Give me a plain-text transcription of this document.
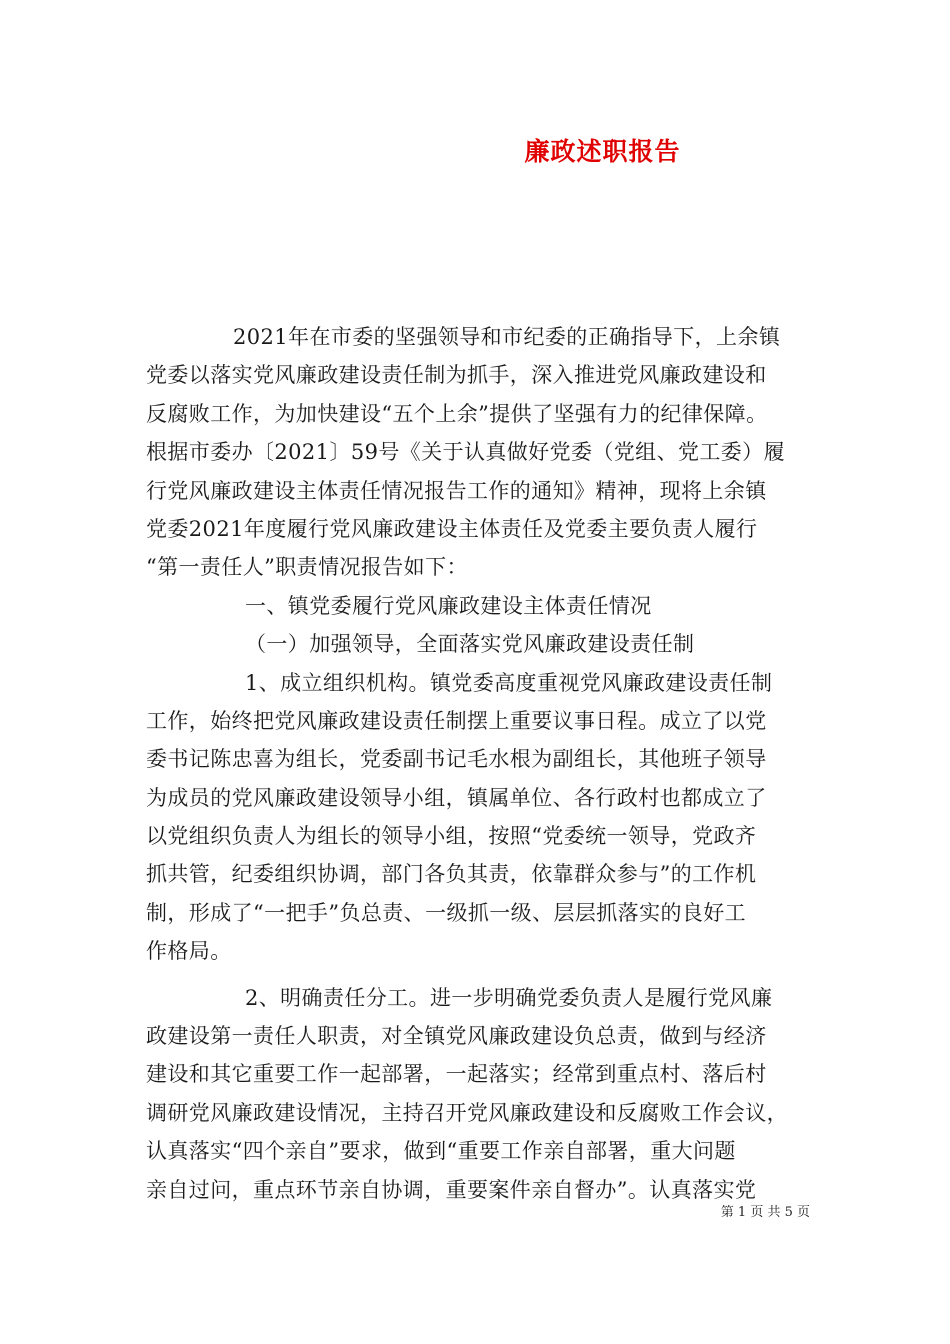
廉政述职报告
2021年在市委的坚强领导和市纪委的正确指导下，上余镇
党委以落实党风廉政建设责任制为抓手，深入推进党风廉政建设和
反腐败工作，为加快建设“五个上余”提供了坚强有力的纪律保障。
根据市委办〔2021〕59号《关于认真做好党委（党组、党工委）履
行党风廉政建设主体责任情况报告工作的通知》精神，现将上余镇
党委2021年度履行党风廉政建设主体责任及党委主要负责人履行
“第一责任人”职责情况报告如下：
一、镇党委履行党风廉政建设主体责任情况
（一）加强领导，全面落实党风廉政建设责任制
1、成立组织机构。镇党委高度重视党风廉政建设责任制
工作，始终把党风廉政建设责任制摆上重要议事日程。成立了以党
委书记陈忠喜为组长，党委副书记毛水根为副组长，其他班子领导
为成员的党风廉政建设领导小组，镇属单位、各行政村也都成立了
以党组织负责人为组长的领导小组，按照“党委统一领导，党政齐
抓共管，纪委组织协调，部门各负其责，依靠群众参与”的工作机
制，形成了“一把手”负总责、一级抓一级、层层抓落实的良好工
作格局。
2、明确责任分工。进一步明确党委负责人是履行党风廉
政建设第一责任人职责，对全镇党风廉政建设负总责，做到与经济
建设和其它重要工作一起部署，一起落实；经常到重点村、落后村
调研党风廉政建设情况，主持召开党风廉政建设和反腐败工作会议，
认真落实“四个亲自”要求，做到“重要工作亲自部署，重大问题
亲自过问，重点环节亲自协调，重要案件亲自督办”。认真落实党
第 1 页 共 5 页
